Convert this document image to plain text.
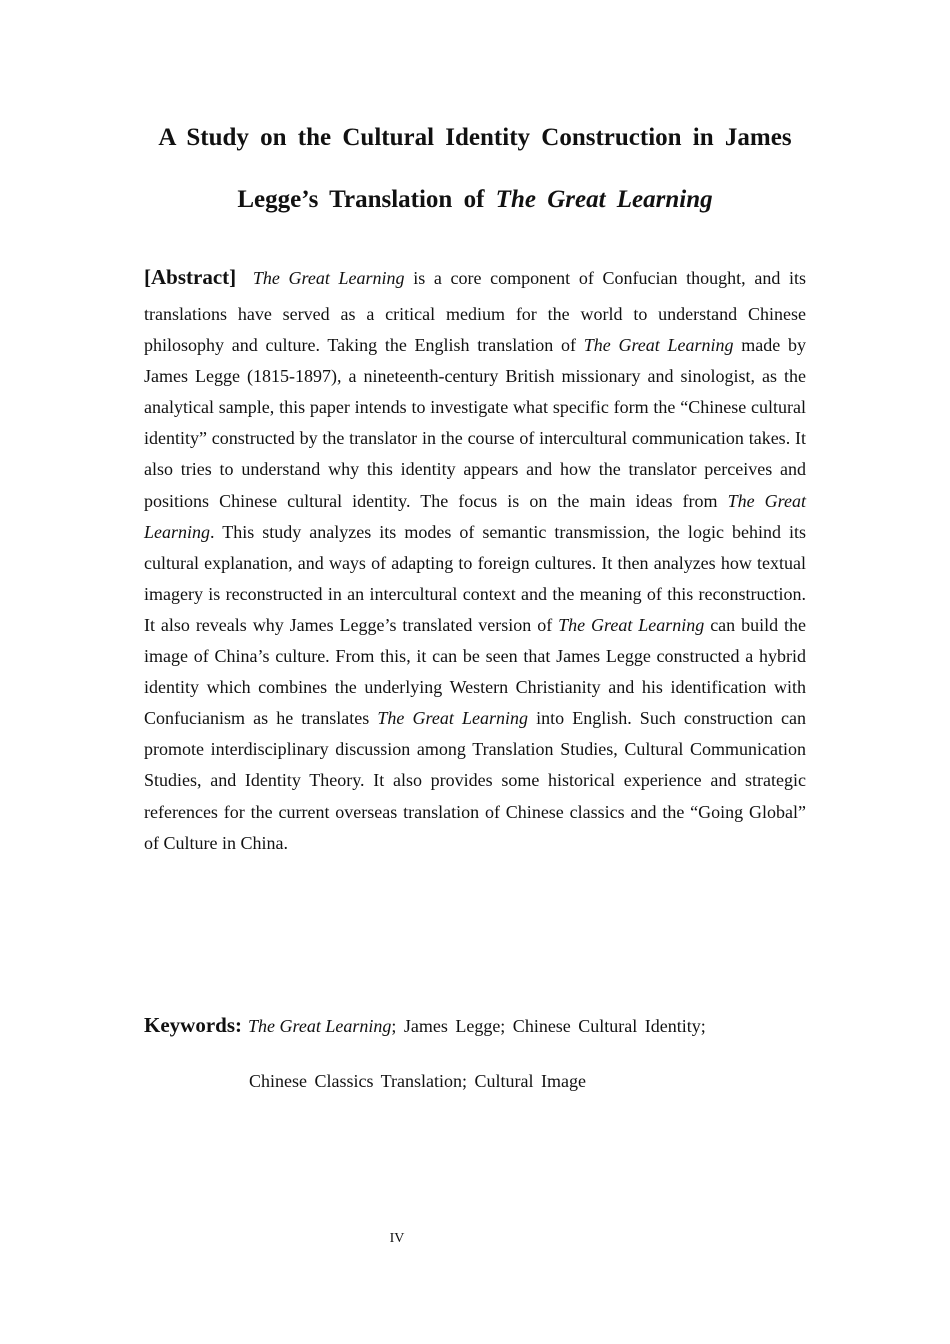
A Study on the Cultural Identity Construction in James
Legge’s Translation of The Great Learning

[Abstract] The Great Learning is a core component of Confucian thought, and its translations have served as a critical medium for the world to understand Chinese philosophy and culture. Taking the English translation of The Great Learning made by James Legge (1815-1897), a nineteenth-century British missionary and sinologist, as the analytical sample, this paper intends to investigate what specific form the “Chinese cultural identity” constructed by the translator in the course of intercultural communication takes. It also tries to understand why this identity appears and how the translator perceives and positions Chinese cultural identity. The focus is on the main ideas from The Great Learning. This study analyzes its modes of semantic transmission, the logic behind its cultural explanation, and ways of adapting to foreign cultures. It then analyzes how textual imagery is reconstructed in an intercultural context and the meaning of this reconstruction. It also reveals why James Legge’s translated version of The Great Learning can build the image of China’s culture. From this, it can be seen that James Legge constructed a hybrid identity which combines the underlying Western Christianity and his identification with Confucianism as he translates The Great Learning into English. Such construction can promote interdisciplinary discussion among Translation Studies, Cultural Communication Studies, and Identity Theory. It also provides some historical experience and strategic references for the current overseas translation of Chinese classics and the “Going Global” of Culture in China.

Keywords: The Great Learning; James Legge; Chinese Cultural Identity;

Chinese Classics Translation; Cultural Image

IV
